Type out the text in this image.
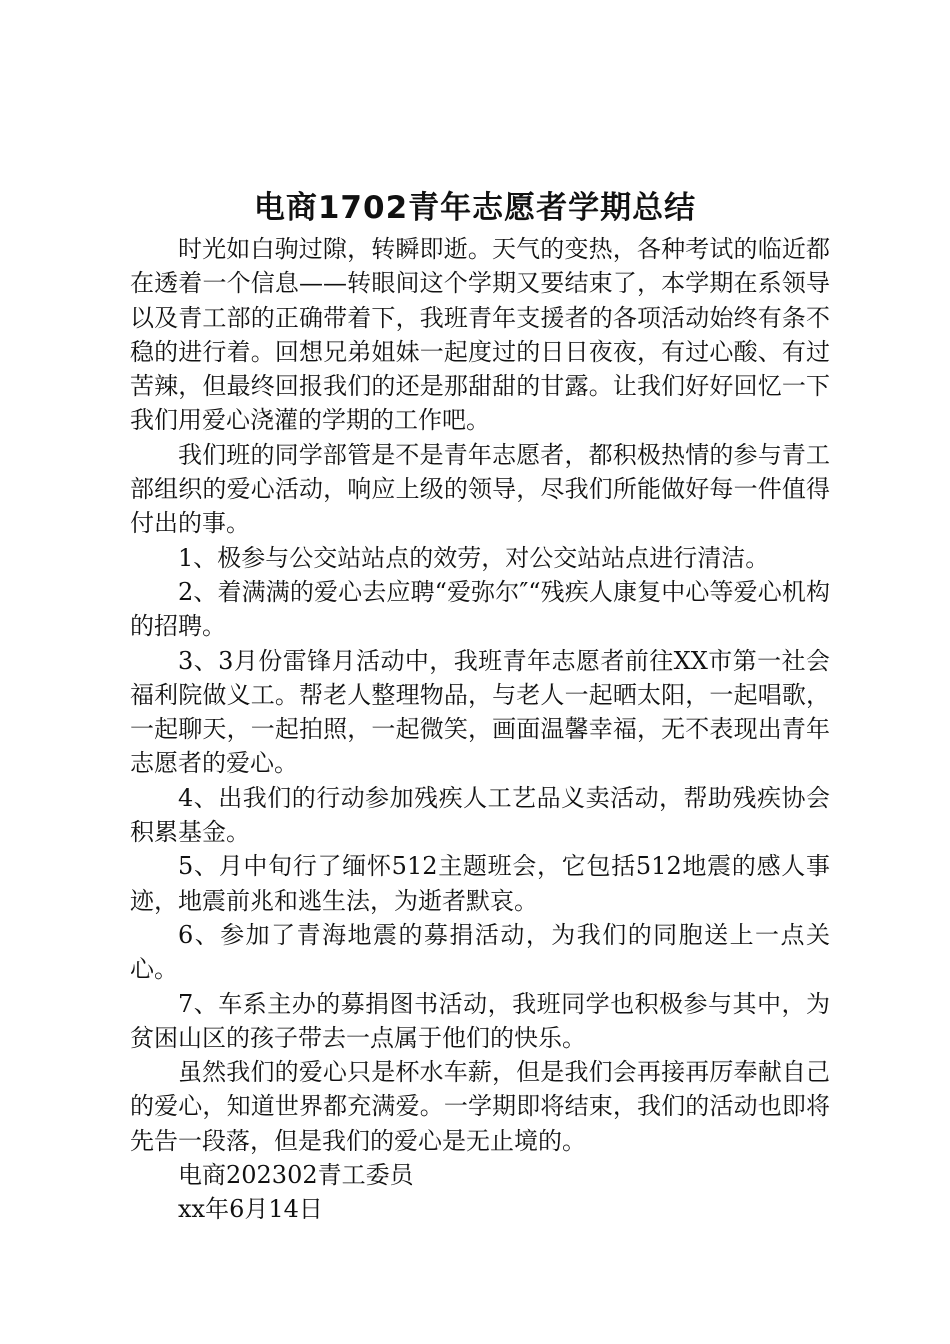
电商1702青年志愿者学期总结

时光如白驹过隙，转瞬即逝。天气的变热，各种考试的临近都在透着一个信息——转眼间这个学期又要结束了，本学期在系领导以及青工部的正确带着下，我班青年支援者的各项活动始终有条不稳的进行着。回想兄弟姐妹一起度过的日日夜夜，有过心酸、有过苦辣，但最终回报我们的还是那甜甜的甘露。让我们好好回忆一下我们用爱心浇灌的学期的工作吧。

我们班的同学部管是不是青年志愿者，都积极热情的参与青工部组织的爱心活动，响应上级的领导，尽我们所能做好每一件值得付出的事。

1、极参与公交站站点的效劳，对公交站站点进行清洁。

2、着满满的爱心去应聘“爱弥尔″“残疾人康复中心等爱心机构的招聘。

3、3月份雷锋月活动中，我班青年志愿者前往XX市第一社会福利院做义工。帮老人整理物品，与老人一起晒太阳，一起唱歌，一起聊天，一起拍照，一起微笑，画面温馨幸福，无不表现出青年志愿者的爱心。

4、出我们的行动参加残疾人工艺品义卖活动，帮助残疾协会积累基金。

5、月中旬行了缅怀512主题班会，它包括512地震的感人事迹，地震前兆和逃生法，为逝者默哀。

6、参加了青海地震的募捐活动，为我们的同胞送上一点关心。

7、车系主办的募捐图书活动，我班同学也积极参与其中，为贫困山区的孩子带去一点属于他们的快乐。

虽然我们的爱心只是杯水车薪，但是我们会再接再厉奉献自己的爱心，知道世界都充满爱。一学期即将结束，我们的活动也即将先告一段落，但是我们的爱心是无止境的。

电商202302青工委员

xx年6月14日
